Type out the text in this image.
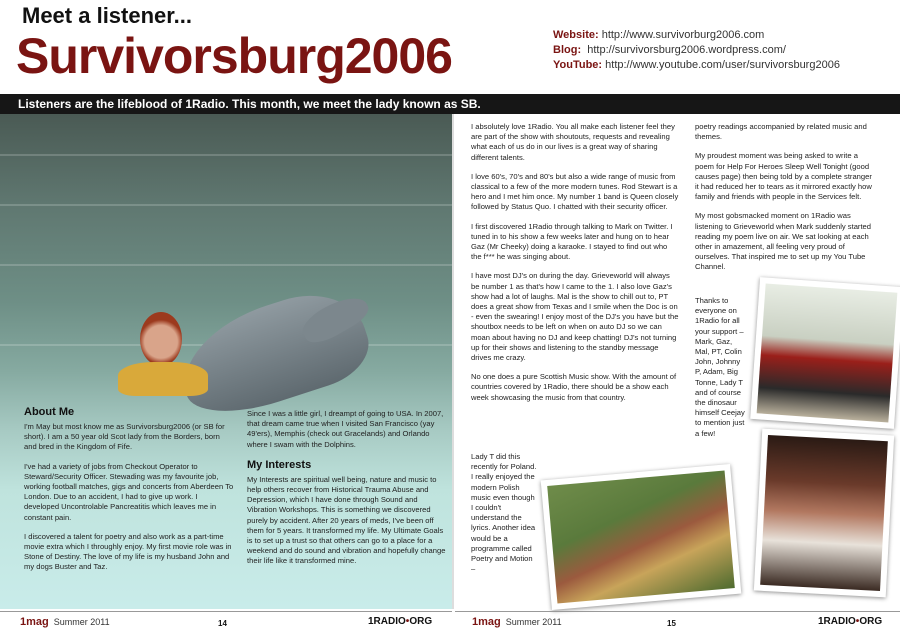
Meet a listener...
Survivorsburg2006	Website: http://www.survivorburg2006.com
Blog: http://survivorsburg2006.wordpress.com/
YouTube: http://www.youtube.com/user/survivorsburg2006
Listeners are the lifeblood of 1Radio. This month, we meet the lady known as SB.
About Me

I'm May but most know me as Survivorsburg2006 (or SB for short). I am a 50 year old Scot lady from the Borders, born and bred in the Kingdom of Fife.

I've had a variety of jobs from Checkout Operator to Steward/Security Officer. Stewading was my favourite job, working football matches, gigs and concerts from Aberdeen To London. Due to an accident, I had to give up work. I developed Uncontrolable Pancreatitis which leaves me in constant pain.

I discovered a talent for poetry and also work as a part-time movie extra which I throughly enjoy. My first movie role was in Stone of Destiny. The love of my life is my husband John and my dogs Buster and Taz.

Since I was a little girl, I dreampt of going to USA. In 2007, that dream came true when I visited San Francisco (yay 49'ers), Memphis (check out Gracelands) and Orlando where I swam with the Dolphins.

My Interests

My Interests are spiritual well being, nature and music to help others recover from Historical Trauma Abuse and Depression, which I have done through Sound and Vibration Workshops. This is something we discovered purely by accident. After 20 years of meds, I've been off them for 5 years. It transformed my life. My Ultimate Goals is to set up a trust so that others can go to a place for a weekend and do sound and vibration and hopefully change their life like it transformed mine.

I absolutely love 1Radio. You all make each listener feel they are part of the show with shoutouts, requests and revealing what each of us do in our lives is a great way of sharing different talents.

I love 60's, 70's and 80's but also a wide range of music from classical to a few of the more modern tunes. Rod Stewart is a hero and I met him once. My number 1 band is Queen closely followed by Status Quo. I chatted with their security officer.

I first discovered 1Radio through talking to Mark on Twitter. I tuned in to his show a few weeks later and hung on to hear Gaz (Mr Cheeky) doing a karaoke. I stayed to find out who the f*** he was singing about.

I have most DJ's on during the day. Grieveworld will always be number 1 as that's how I came to the 1. I also love Gaz's show had a lot of laughs. Mal is the show to chill out to, PT does a great show from Texas and I smile when the Doc is on - even the swearing! I enjoy most of the DJ's you have but the shoutbox needs to be left on when on auto DJ so we can moan about having no DJ and keep chatting! DJ's not turning up for their shows and listening to the standby message drives me crazy.

No one does a pure Scottish Music show. With the amount of countries covered by 1Radio, there should be a show each week showcasing the music from that country.

Lady T did this recently for Poland. I really enjoyed the modern Polish music even though I couldn't understand the lyrics. Another idea would be a programme called Poetry and Motion –

poetry readings accompanied by related music and themes.

My proudest moment was being asked to write a poem for Help For Heroes Sleep Well Tonight (good causes page) then being told by a complete stranger it had reduced her to tears as it mirrored exactly how family and friends with people in the Services felt.

My most gobsmacked moment on 1Radio was listening to Grieveworld when Mark suddenly started reading my poem live on air. We sat looking at each other in amazement, all feeling very proud of ourselves. That inspired me to set up my You Tube Channel.

Thanks to everyone on 1Radio for all your support – Mark, Gaz, Mal, PT, Colin John, Johnny P, Adam, Big Tonne, Lady T and of course the dinosaur himself Ceejay to mention just a few!

1mag Summer 2011	14	1RADIO•ORG	1mag Summer 2011	15	1RADIO•ORG
